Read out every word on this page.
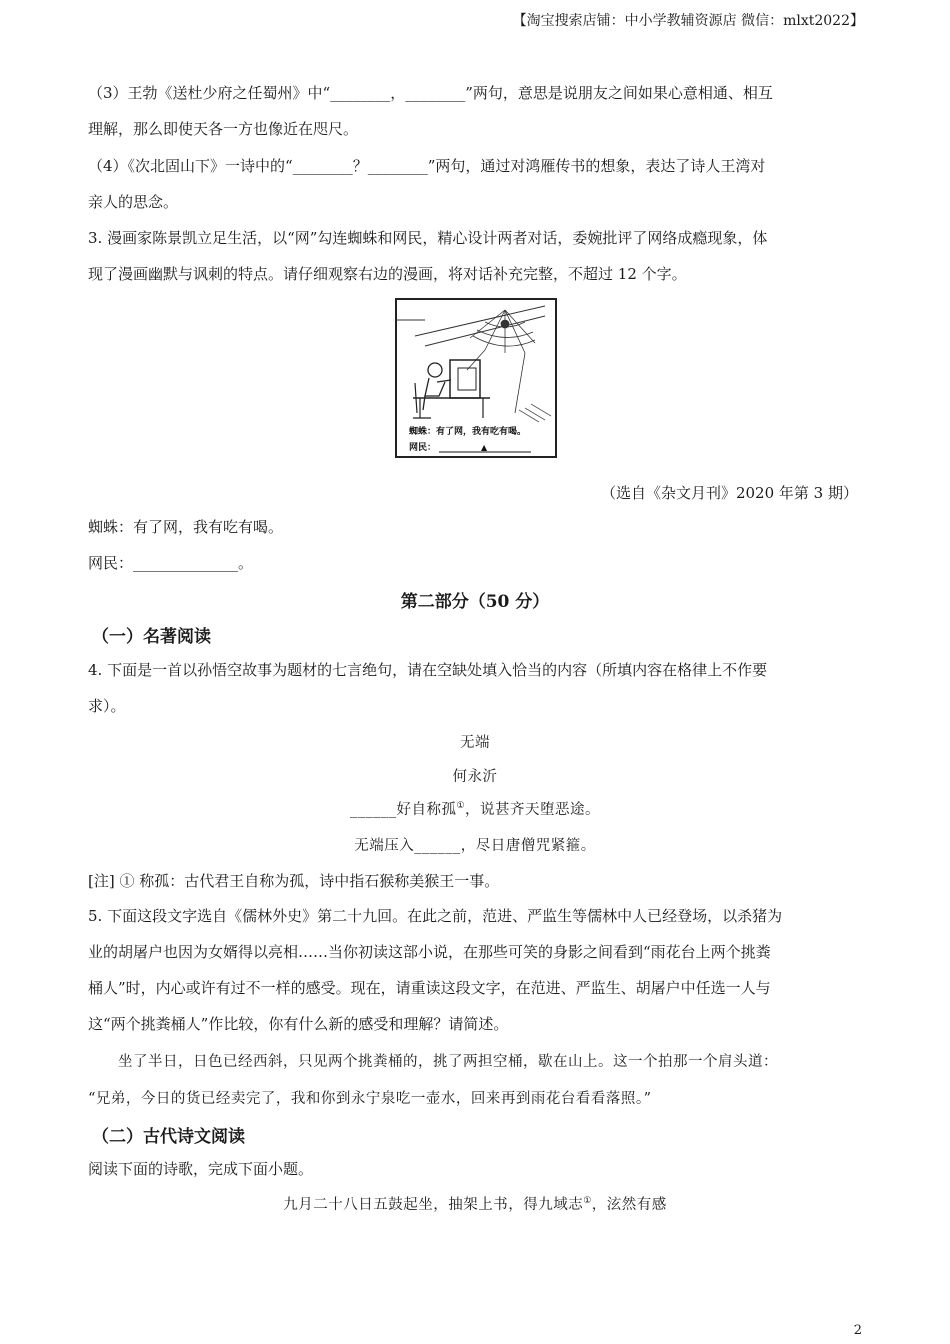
【淘宝搜索店铺：中小学教辅资源店 微信：mlxt2022】
（3）王勃《送杜少府之任蜀州》中“________，________”两句，意思是说朋友之间如果心意相通、相互
理解，那么即使天各一方也像近在咫尺。
（4）《次北固山下》一诗中的“________？________”两句，通过对鸿雁传书的想象，表达了诗人王湾对
亲人的思念。
3. 漫画家陈景凯立足生活，以“网”勾连蜘蛛和网民，精心设计两者对话，委婉批评了网络成瘾现象，体
现了漫画幽默与讽刺的特点。请仔细观察右边的漫画，将对话补充完整，不超过 12 个字。
蜘蛛：有了网，我有吃有喝。
网民：	▲
（选自《杂文月刊》2020 年第 3 期）
蜘蛛：有了网，我有吃有喝。
网民：______________。
第二部分（50 分）
（一）名著阅读
4. 下面是一首以孙悟空故事为题材的七言绝句，请在空缺处填入恰当的内容（所填内容在格律上不作要
求）。
无端
何永沂
______好自称孤①，说甚齐天堕恶途。
无端压入______，尽日唐僧咒紧箍。
[注] ① 称孤：古代君王自称为孤，诗中指石猴称美猴王一事。
5. 下面这段文字选自《儒林外史》第二十九回。在此之前，范进、严监生等儒林中人已经登场，以杀猪为
业的胡屠户也因为女婿得以亮相……当你初读这部小说，在那些可笑的身影之间看到“雨花台上两个挑粪
桶人”时，内心或许有过不一样的感受。现在，请重读这段文字，在范进、严监生、胡屠户中任选一人与
这“两个挑粪桶人”作比较，你有什么新的感受和理解？请简述。
坐了半日，日色已经西斜，只见两个挑粪桶的，挑了两担空桶，歇在山上。这一个拍那一个肩头道：
“兄弟，今日的货已经卖完了，我和你到永宁泉吃一壶水，回来再到雨花台看看落照。”
（二）古代诗文阅读
阅读下面的诗歌，完成下面小题。
九月二十八日五鼓起坐，抽架上书，得九域志①，泫然有感
2
